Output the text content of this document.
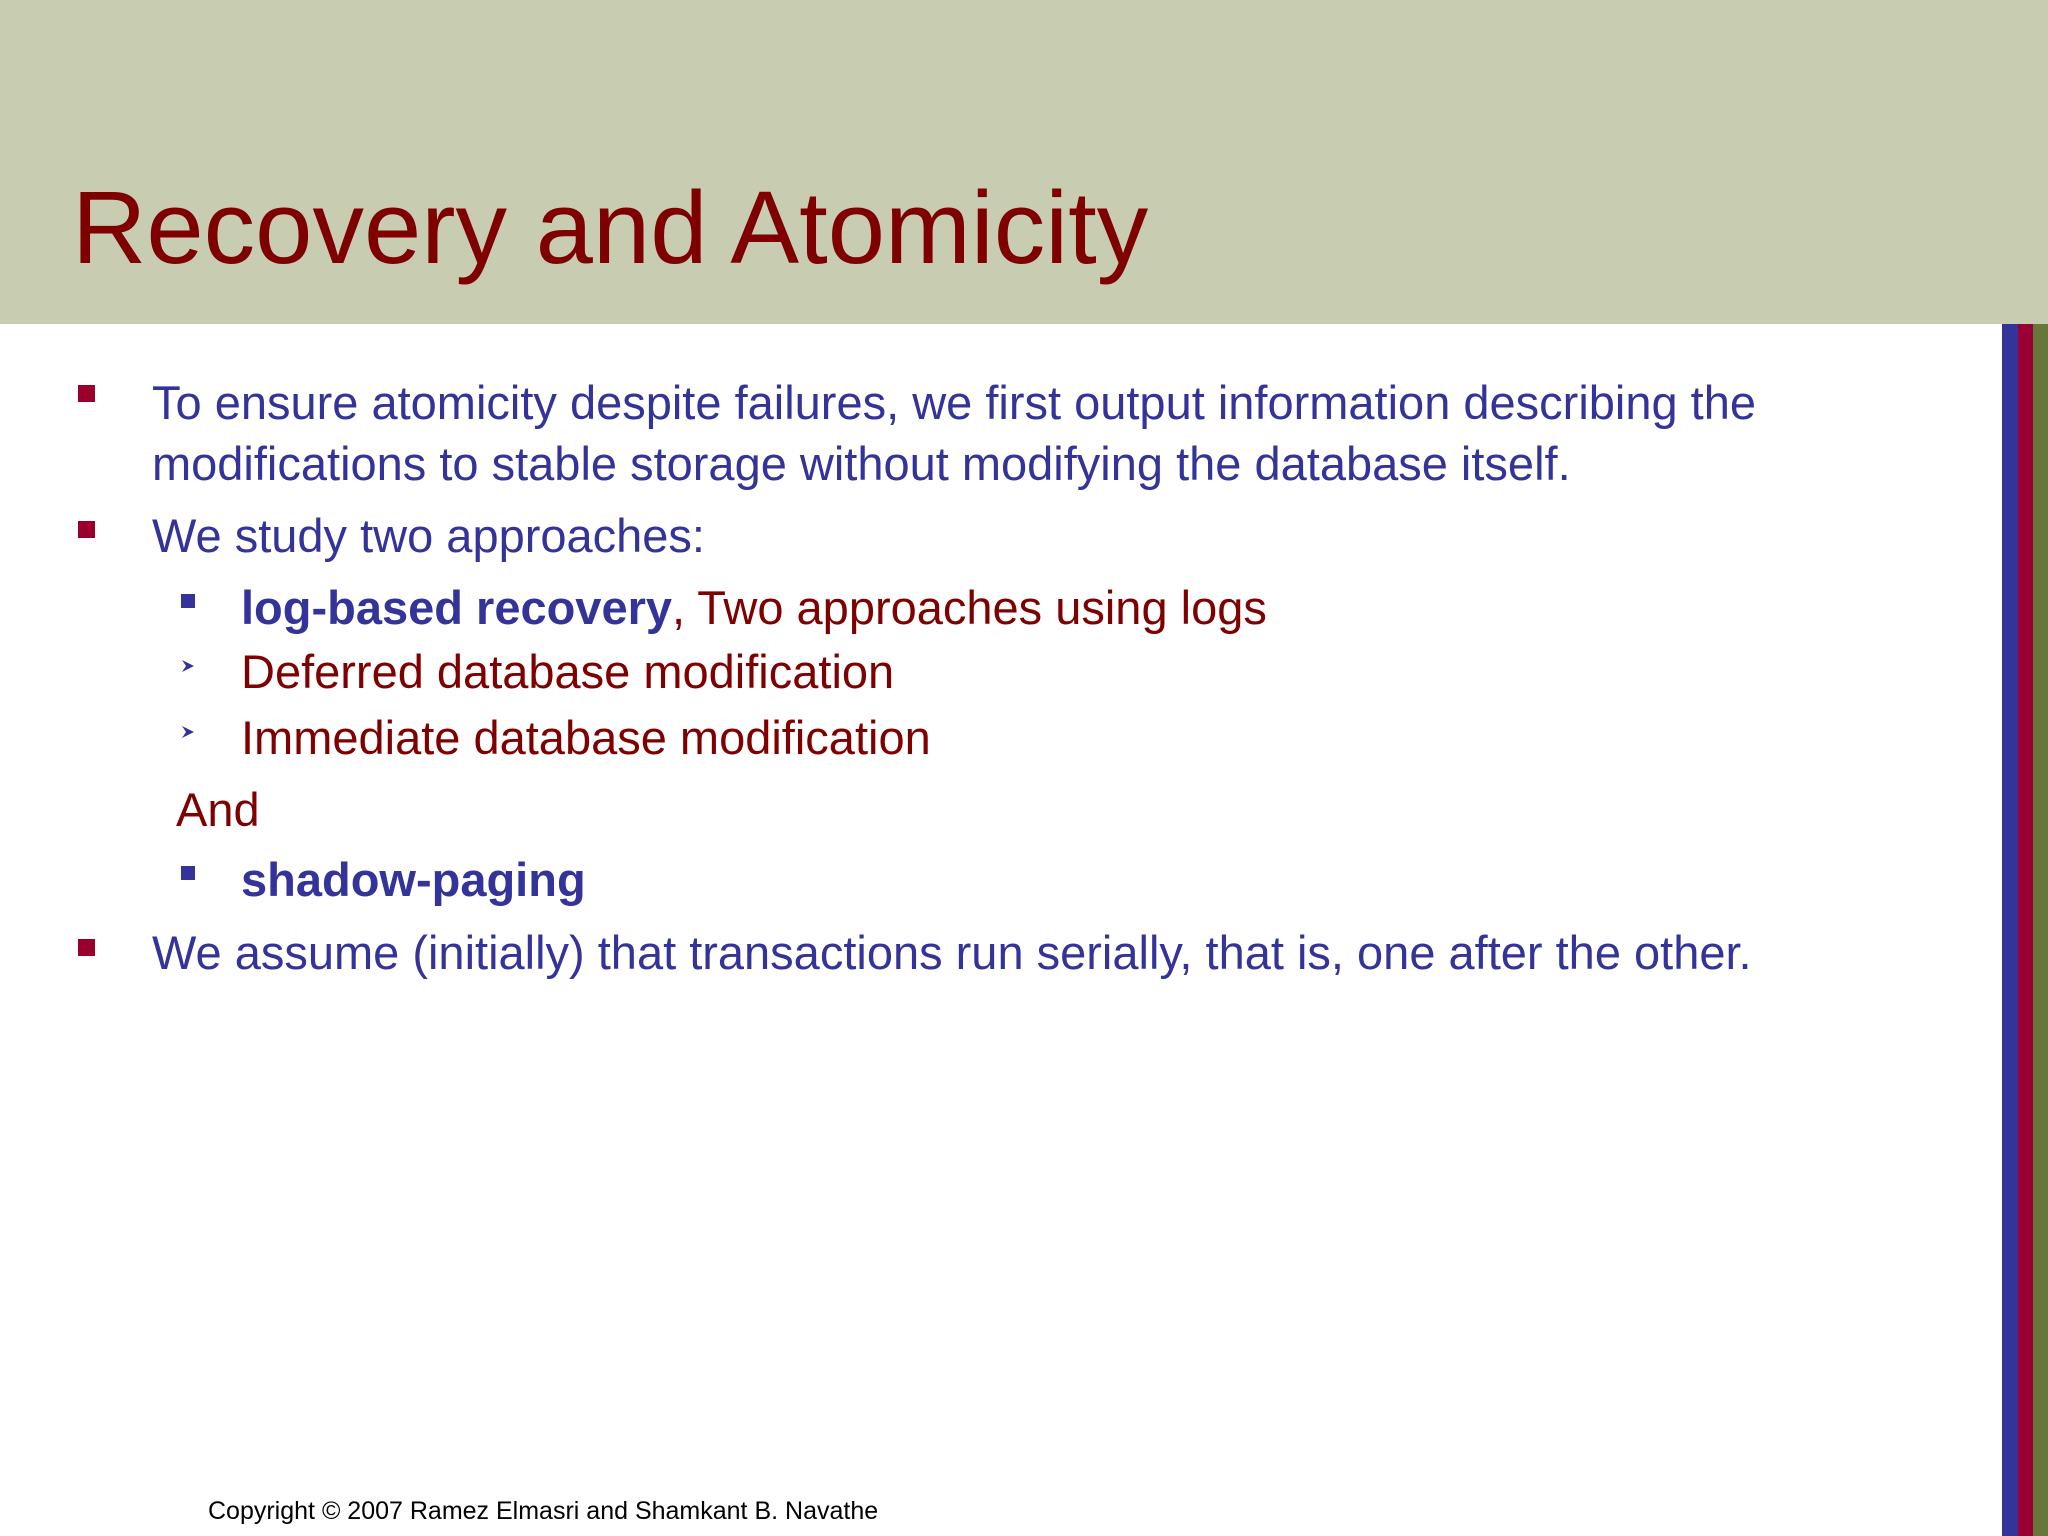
Recovery and Atomicity
To ensure atomicity despite failures, we first output information describing the
modifications to stable storage without modifying the database itself.
We study two approaches:
log-based recovery, Two approaches using logs
Deferred database modification
Immediate database modification
And
shadow-paging
We assume (initially) that transactions run serially, that is, one after the other.
Copyright © 2007 Ramez Elmasri and Shamkant B. Navathe
